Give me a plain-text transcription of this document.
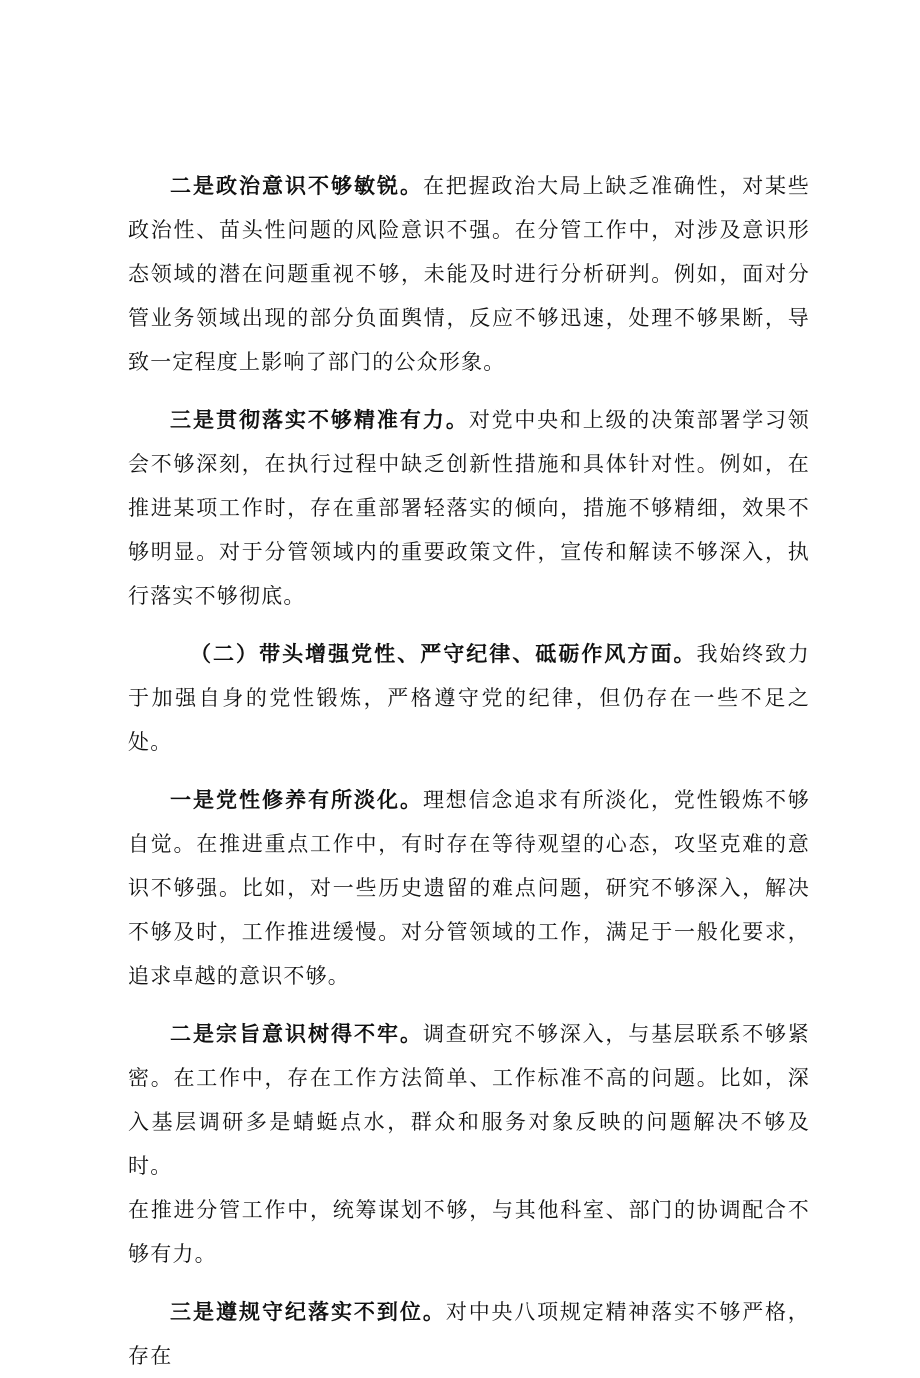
二是政治意识不够敏锐。在把握政治大局上缺乏准确性，对某些政治性、苗头性问题的风险意识不强。在分管工作中，对涉及意识形态领域的潜在问题重视不够，未能及时进行分析研判。例如，面对分管业务领域出现的部分负面舆情，反应不够迅速，处理不够果断，导致一定程度上影响了部门的公众形象。

三是贯彻落实不够精准有力。对党中央和上级的决策部署学习领会不够深刻，在执行过程中缺乏创新性措施和具体针对性。例如，在推进某项工作时，存在重部署轻落实的倾向，措施不够精细，效果不够明显。对于分管领域内的重要政策文件，宣传和解读不够深入，执行落实不够彻底。

（二）带头增强党性、严守纪律、砥砺作风方面。我始终致力于加强自身的党性锻炼，严格遵守党的纪律，但仍存在一些不足之处。

一是党性修养有所淡化。理想信念追求有所淡化，党性锻炼不够自觉。在推进重点工作中，有时存在等待观望的心态，攻坚克难的意识不够强。比如，对一些历史遗留的难点问题，研究不够深入，解决不够及时，工作推进缓慢。对分管领域的工作，满足于一般化要求，追求卓越的意识不够。

二是宗旨意识树得不牢。调查研究不够深入，与基层联系不够紧密。在工作中，存在工作方法简单、工作标准不高的问题。比如，深入基层调研多是蜻蜓点水，群众和服务对象反映的问题解决不够及时。

在推进分管工作中，统筹谋划不够，与其他科室、部门的协调配合不够有力。

三是遵规守纪落实不到位。对中央八项规定精神落实不够严格，存在
